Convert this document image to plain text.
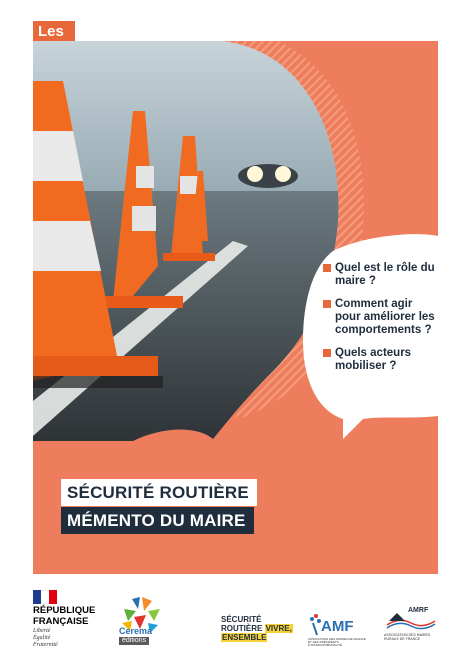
Les
Quel est le rôle du maire ?
Comment agir pour améliorer les comportements ?
Quels acteurs mobiliser ?
SÉCURITÉ ROUTIÈRE
MÉMENTO DU MAIRE
RÉPUBLIQUE
FRANÇAISE
Liberté
Égalité
Fraternité
Cerema
éditions
SÉCURITÉ
ROUTIÈRE VIVRE,
ENSEMBLE
AMF
ASSOCIATION DES MAIRES DE FRANCE ET DES PRÉSIDENTS D'INTERCOMMUNALITÉ
AMRF
ASSOCIATION DES MAIRES RURAUX DE FRANCE
